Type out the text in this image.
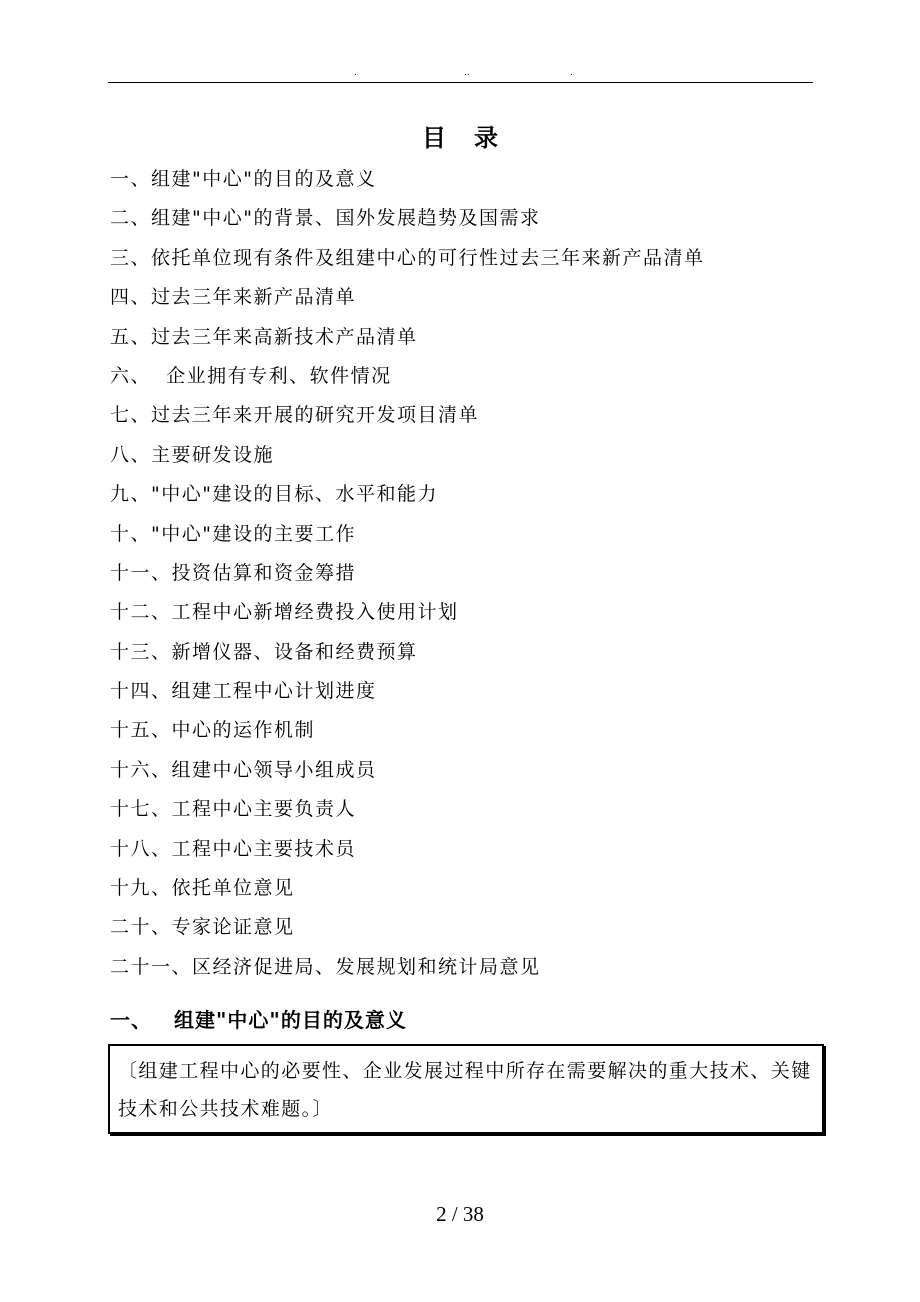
.	..	.
目录
一、组建"中心"的目的及意义
二、组建"中心"的背景、国外发展趋势及国需求
三、依托单位现有条件及组建中心的可行性过去三年来新产品清单
四、过去三年来新产品清单
五、过去三年来高新技术产品清单
六、  企业拥有专利、软件情况
七、过去三年来开展的研究开发项目清单
八、主要研发设施
九、"中心"建设的目标、水平和能力
十、"中心"建设的主要工作
十一、投资估算和资金筹措
十二、工程中心新增经费投入使用计划
十三、新增仪器、设备和经费预算
十四、组建工程中心计划进度
十五、中心的运作机制
十六、组建中心领导小组成员
十七、工程中心主要负责人
十八、工程中心主要技术员
十九、依托单位意见
二十、专家论证意见
二十一、区经济促进局、发展规划和统计局意见
一、 组建"中心"的目的及意义

〔组建工程中心的必要性、企业发展过程中所存在需要解决的重大技术、关键技术和公共技术难题。〕

2 / 38
